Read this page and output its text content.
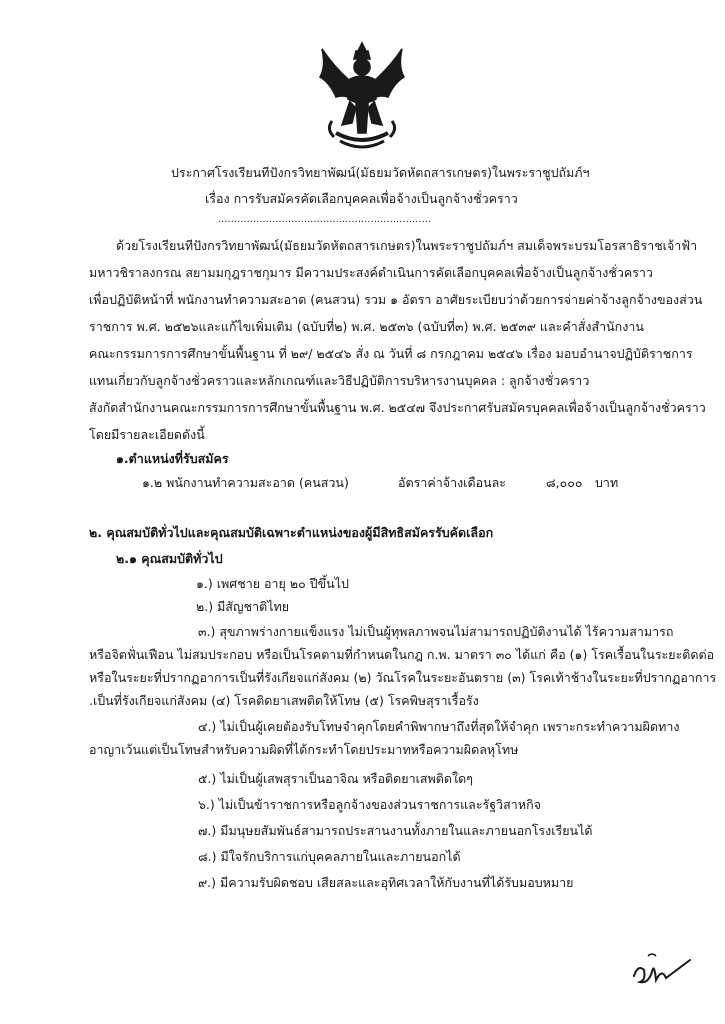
ประกาศโรงเรียนทีปังกรวิทยาพัฒน์(มัธยมวัดหัตถสารเกษตร)ในพระราชูปถัมภ์ฯ
เรื่อง การรับสมัครคัดเลือกบุคคลเพื่อจ้างเป็นลูกจ้างชั่วคราว
...................................................................
ด้วยโรงเรียนทีปังกรวิทยาพัฒน์(มัธยมวัดหัตถสารเกษตร)ในพระราชูปถัมภ์ฯ สมเด็จพระบรมโอรสาธิราชเจ้าฟ้า
มหาวชิราลงกรณ สยามมกุฎราชกุมาร มีความประสงค์ดำเนินการคัดเลือกบุคคลเพื่อจ้างเป็นลูกจ้างชั่วคราว
เพื่อปฏิบัติหน้าที่ พนักงานทำความสะอาด (คนสวน) รวม ๑ อัตรา อาศัยระเบียบว่าด้วยการจ่ายค่าจ้างลูกจ้างของส่วน
ราชการ พ.ศ. ๒๕๒๖และแก้ไขเพิ่มเติม (ฉบับที่๒) พ.ศ. ๒๕๓๖ (ฉบับที่๓) พ.ศ. ๒๕๓๙ และคำสั่งสำนักงาน
คณะกรรมการการศึกษาขั้นพื้นฐาน ที่ ๒๙/ ๒๕๔๖ สั่ง ณ วันที่ ๘ กรกฎาคม ๒๕๔๖ เรื่อง มอบอำนาจปฏิบัติราชการ
แทนเกี่ยวกับลูกจ้างชั่วคราวและหลักเกณฑ์และวิธีปฏิบัติการบริหารงานบุคคล : ลูกจ้างชั่วคราว
สังกัดสำนักงานคณะกรรมการการศึกษาขั้นพื้นฐาน พ.ศ. ๒๕๔๗ จึงประกาศรับสมัครบุคคลเพื่อจ้างเป็นลูกจ้างชั่วคราว
โดยมีรายละเอียดดังนี้
๑.ตำแหน่งที่รับสมัคร
๑.๒ พนักงานทำความสะอาด (คนสวน)	อัตราค่าจ้างเดือนละ	๘,๐๐๐ บาท
๒. คุณสมบัติทั่วไปและคุณสมบัติเฉพาะตำแหน่งของผู้มีสิทธิสมัครรับคัดเลือก
๒.๑ คุณสมบัติทั่วไป
๑.) เพศชาย อายุ ๒๐ ปีขึ้นไป
๒.) มีสัญชาติไทย
๓.) สุขภาพร่างกายแข็งแรง ไม่เป็นผู้ทุพลภาพจนไม่สามารถปฏิบัติงานได้ ไร้ความสามารถ
หรือจิตฟั่นเฟือน ไม่สมประกอบ หรือเป็นโรคตามที่กำหนดในกฎ ก.พ. มาตรา ๓๐ ได้แก่ คือ (๑) โรคเรื้อนในระยะติดต่อ
หรือในระยะที่ปรากฏอาการเป็นที่รังเกียจแก่สังคม (๒) วัณโรคในระยะอันตราย (๓) โรคเท้าช้างในระยะที่ปรากฏอาการ
.เป็นที่รังเกียจแก่สังคม (๔) โรคติดยาเสพติดให้โทษ (๕) โรคพิษสุราเรื้อรัง
๔.) ไม่เป็นผู้เคยต้องรับโทษจำคุกโดยคำพิพากษาถึงที่สุดให้จำคุก เพราะกระทำความผิดทาง
อาญาเว้นแต่เป็นโทษสำหรับความผิดที่ได้กระทำโดยประมาทหรือความผิดลหุโทษ
๕.) ไม่เป็นผู้เสพสุราเป็นอาจิณ หรือติดยาเสพติดใดๆ
๖.) ไม่เป็นข้าราชการหรือลูกจ้างของส่วนราชการและรัฐวิสาหกิจ
๗.) มีมนุษยสัมพันธ์สามารถประสานงานทั้งภายในและภายนอกโรงเรียนได้
๘.) มีใจรักบริการแก่บุคคลภายในและภายนอกได้
๙.) มีความรับผิดชอบ เสียสละและอุทิศเวลาให้กับงานที่ได้รับมอบหมาย
